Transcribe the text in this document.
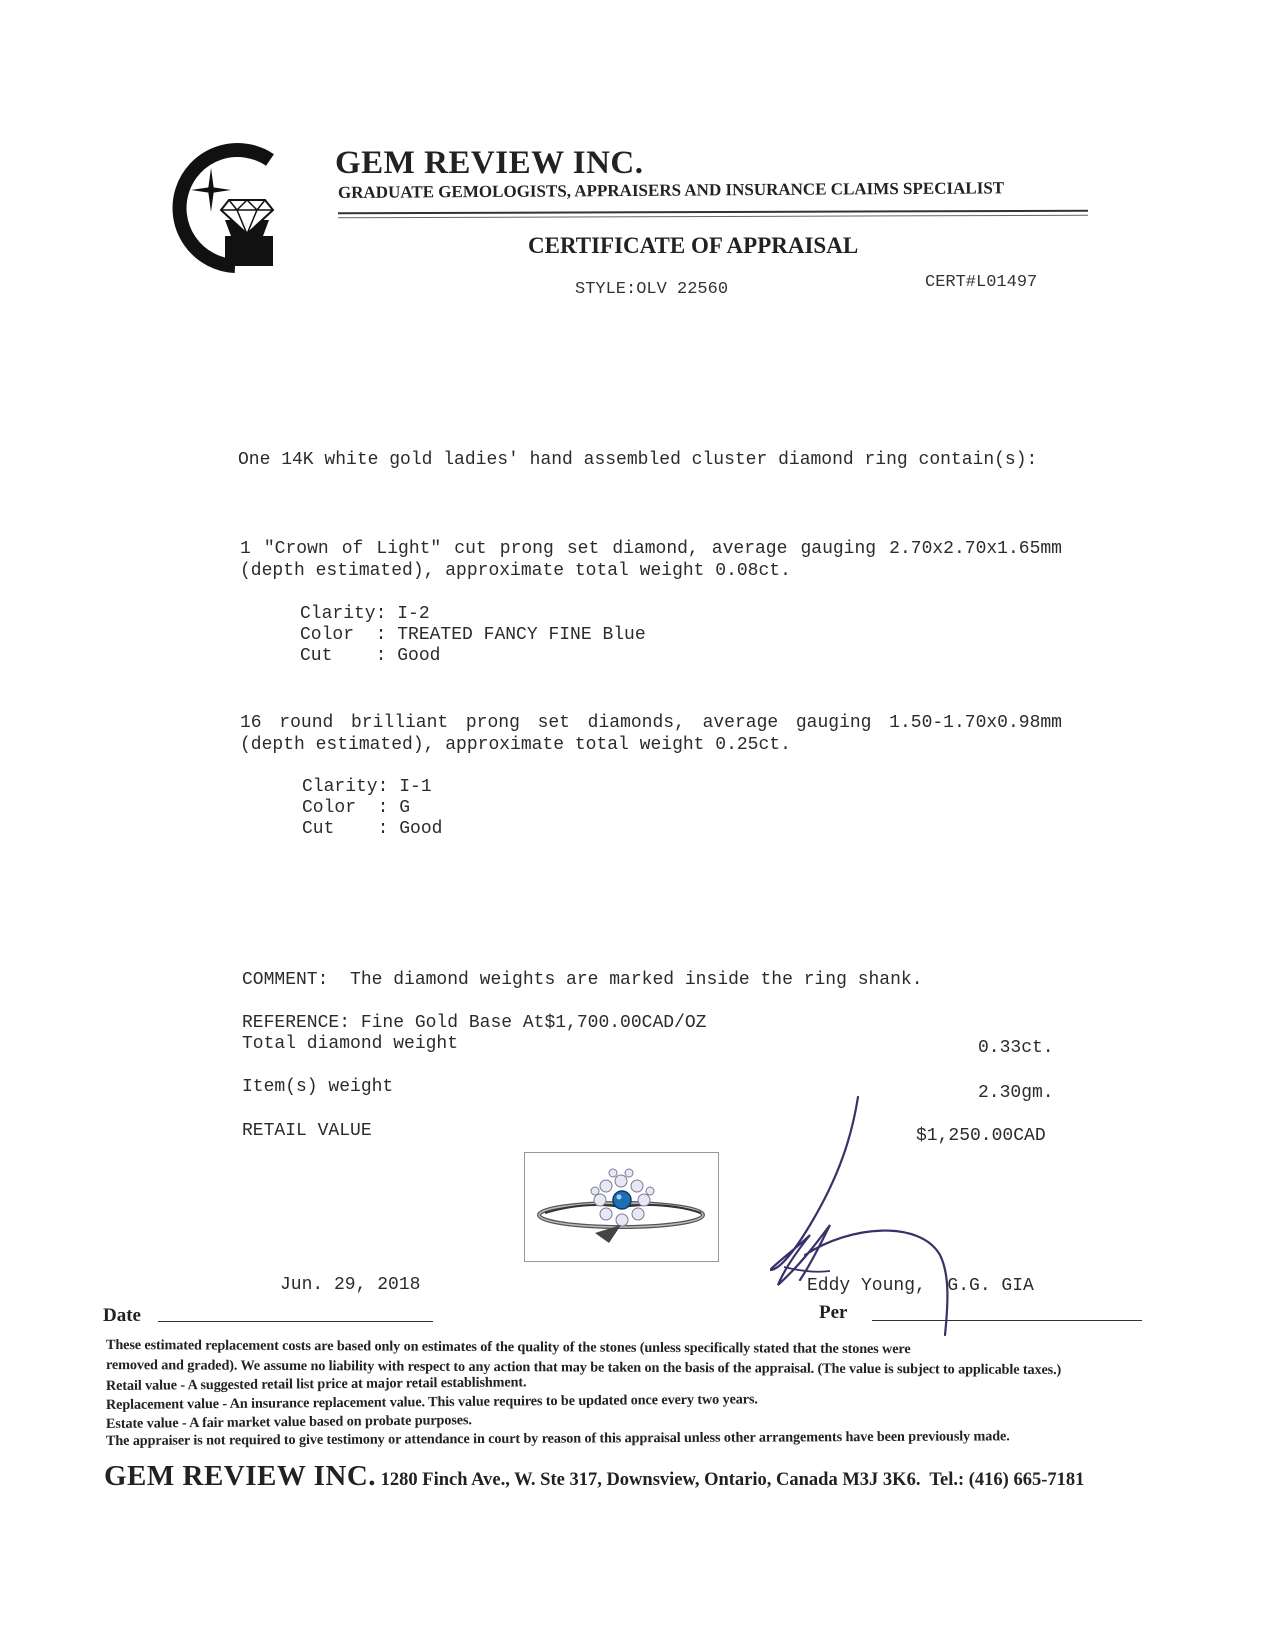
GEM REVIEW INC.
GRADUATE GEMOLOGISTS, APPRAISERS AND INSURANCE CLAIMS SPECIALIST
CERTIFICATE OF APPRAISAL
STYLE:OLV 22560	CERT#L01497
One 14K white gold ladies' hand assembled cluster diamond ring contain(s):
1 "Crown of Light" cut prong set diamond, average gauging 2.70x2.70x1.65mm (depth estimated), approximate total weight 0.08ct.
Clarity: I-2
Color  : TREATED FANCY FINE Blue
Cut    : Good
16 round brilliant prong set diamonds, average gauging 1.50-1.70x0.98mm (depth estimated), approximate total weight 0.25ct.
Clarity: I-1
Color  : G
Cut    : Good
COMMENT:  The diamond weights are marked inside the ring shank.
REFERENCE: Fine Gold Base At$1,700.00CAD/OZ
Total diamond weight	0.33ct.
Item(s) weight	2.30gm.
RETAIL VALUE	$1,250.00CAD
Jun. 29, 2018
Date
Eddy Young,  G.G. GIA
Per
These estimated replacement costs are based only on estimates of the quality of the stones (unless specifically stated that the stones were
removed and graded). We assume no liability with respect to any action that may be taken on the basis of the appraisal. (The value is subject to applicable taxes.)
Retail value - A suggested retail list price at major retail establishment.
Replacement value - An insurance replacement value. This value requires to be updated once every two years.
Estate value - A fair market value based on probate purposes.
The appraiser is not required to give testimony or attendance in court by reason of this appraisal unless other arrangements have been previously made.
GEM REVIEW INC. 1280 Finch Ave., W. Ste 317, Downsview, Ontario, Canada M3J 3K6.  Tel.: (416) 665-7181
